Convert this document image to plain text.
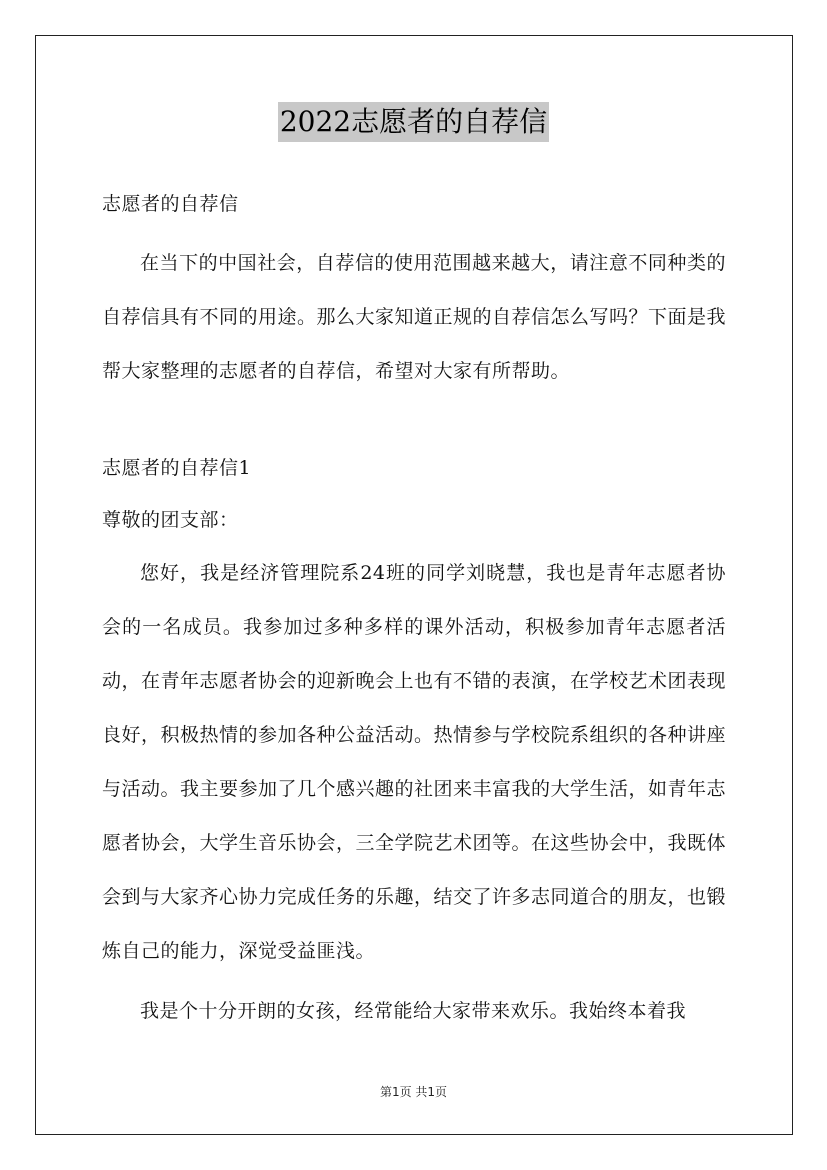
2022志愿者的自荐信
志愿者的自荐信

在当下的中国社会，自荐信的使用范围越来越大，请注意不同种类的自荐信具有不同的用途。那么大家知道正规的自荐信怎么写吗？下面是我帮大家整理的志愿者的自荐信，希望对大家有所帮助。

志愿者的自荐信1
尊敬的团支部：

您好，我是经济管理院系24班的同学刘晓慧，我也是青年志愿者协会的一名成员。我参加过多种多样的课外活动，积极参加青年志愿者活动，在青年志愿者协会的迎新晚会上也有不错的表演，在学校艺术团表现良好，积极热情的参加各种公益活动。热情参与学校院系组织的各种讲座与活动。我主要参加了几个感兴趣的社团来丰富我的大学生活，如青年志愿者协会，大学生音乐协会，三全学院艺术团等。在这些协会中，我既体会到与大家齐心协力完成任务的乐趣，结交了许多志同道合的朋友，也锻炼自己的能力，深觉受益匪浅。

我是个十分开朗的女孩，经常能给大家带来欢乐。我始终本着我

第1页 共1页
